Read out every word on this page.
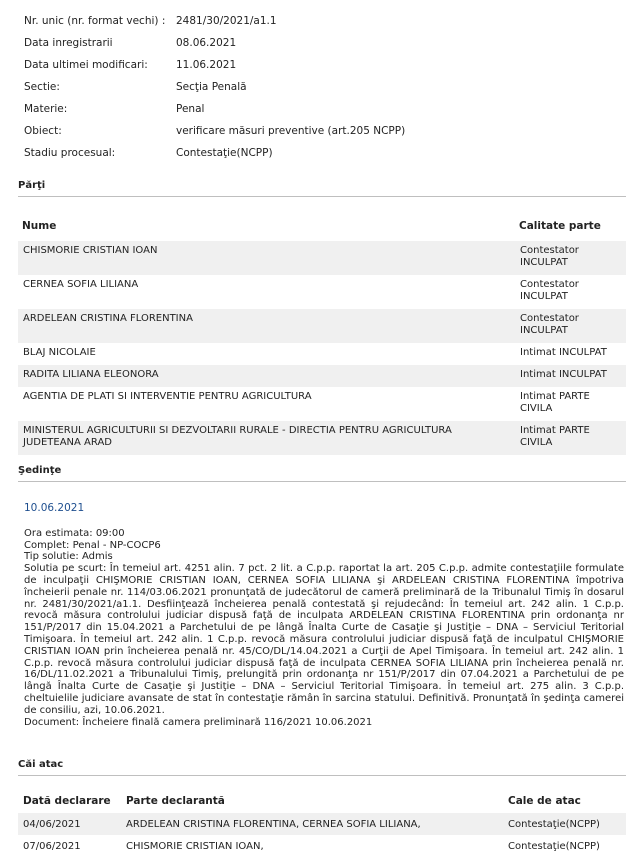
Nr. unic (nr. format vechi) :	2481/30/2021/a1.1
Data inregistrarii	08.06.2021
Data ultimei modificari:	11.06.2021
Sectie:	Secţia Penală
Materie:	Penal
Obiect:	verificare măsuri preventive (art.205 NCPP)
Stadiu procesual:	Contestaţie(NCPP)
Părţi
Nume	Calitate parte
CHISMORIE CRISTIAN IOAN	Contestator
INCULPAT
CERNEA SOFIA LILIANA	Contestator
INCULPAT
ARDELEAN CRISTINA FLORENTINA	Contestator
INCULPAT
BLAJ NICOLAIE	Intimat INCULPAT
RADITA LILIANA ELEONORA	Intimat INCULPAT
AGENTIA DE PLATI SI INTERVENTIE PENTRU AGRICULTURA	Intimat PARTE
CIVILA
MINISTERUL AGRICULTURII SI DEZVOLTARII RURALE - DIRECTIA PENTRU AGRICULTURA
JUDETEANA ARAD	Intimat PARTE
CIVILA
Şedinţe
10.06.2021
Ora estimata: 09:00
Complet: Penal - NP-COCP6
Tip solutie: Admis
Solutia pe scurt: În temeiul art. 4251 alin. 7 pct. 2 lit. a C.p.p. raportat la art. 205 C.p.p. admite contestaţiile formulate de inculpaţii CHIŞMORIE CRISTIAN IOAN, CERNEA SOFIA LILIANA şi ARDELEAN CRISTINA FLORENTINA împotriva încheierii penale nr. 114/03.06.2021 pronunţată de judecătorul de cameră preliminară de la Tribunalul Timiş în dosarul nr. 2481/30/2021/a1.1. Desfiinţează încheierea penală contestată şi rejudecând: În temeiul art. 242 alin. 1 C.p.p. revocă măsura controlului judiciar dispusă faţă de inculpata ARDELEAN CRISTINA FLORENTINA prin ordonanţa nr 151/P/2017 din 15.04.2021 a Parchetului de pe lângă Înalta Curte de Casaţie şi Justiţie – DNA – Serviciul Teritorial Timişoara. În temeiul art. 242 alin. 1 C.p.p. revocă măsura controlului judiciar dispusă faţă de inculpatul CHIŞMORIE CRISTIAN IOAN prin încheierea penală nr. 45/CO/DL/14.04.2021 a Curţii de Apel Timişoara. În temeiul art. 242 alin. 1 C.p.p. revocă măsura controlului judiciar dispusă faţă de inculpata CERNEA SOFIA LILIANA prin încheierea penală nr. 16/DL/11.02.2021 a Tribunalului Timiş, prelungită prin ordonanţa nr 151/P/2017 din 07.04.2021 a Parchetului de pe lângă Înalta Curte de Casaţie şi Justiţie – DNA – Serviciul Teritorial Timişoara. În temeiul art. 275 alin. 3 C.p.p. cheltuielile judiciare avansate de stat în contestaţie rămân în sarcina statului. Definitivă. Pronunţată în şedinţa camerei de consiliu, azi, 10.06.2021.
Document: Încheiere finală camera preliminară 116/2021 10.06.2021
Căi atac
Dată declarare	Parte declarantă	Cale de atac
04/06/2021	ARDELEAN CRISTINA FLORENTINA, CERNEA SOFIA LILIANA,	Contestaţie(NCPP)
07/06/2021	CHISMORIE CRISTIAN IOAN,	Contestaţie(NCPP)
